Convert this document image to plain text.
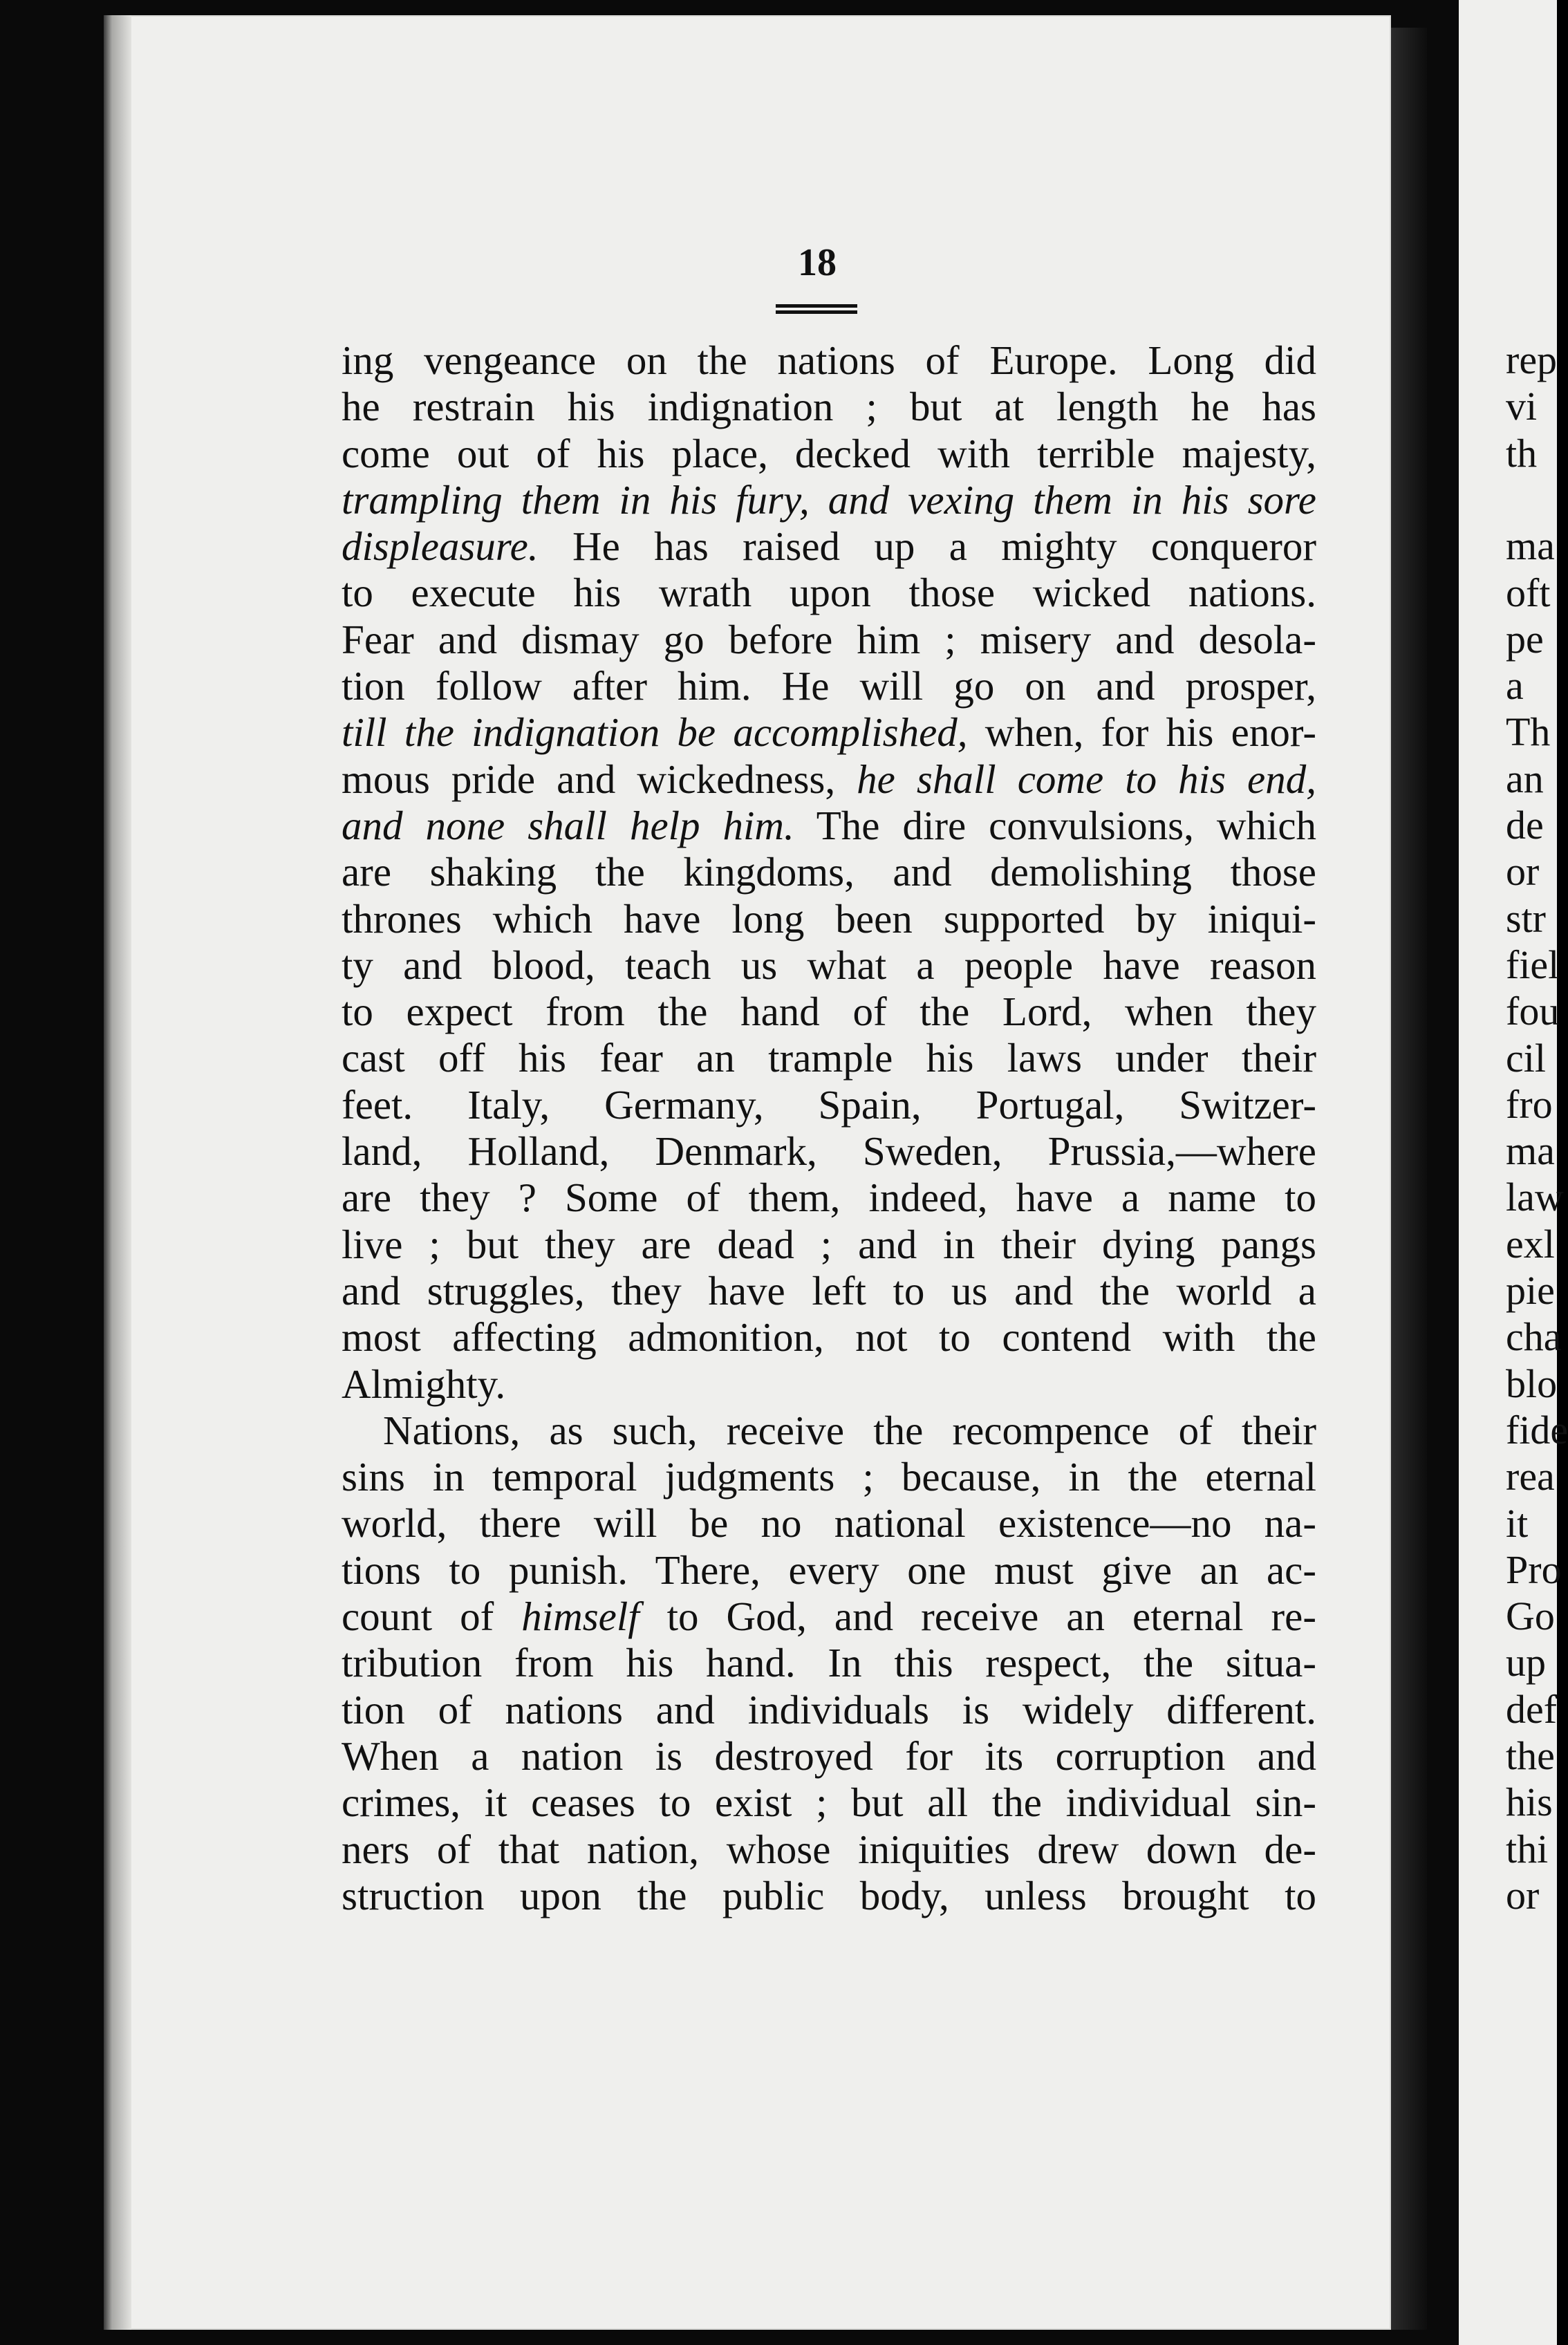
rep
vi
th
ma
oft
pe
a
Th
an
de
or
str
fiel
fou
cil
fro
ma
law
exl
pie
cha
blo
fide
rea
it
Pro
Go
up
def
the
his
thi
or
18
ing vengeance on the nations of Europe. Long did
he restrain his indignation ; but at length he has
come out of his place, decked with terrible majesty,
trampling them in his fury, and vexing them in his sore
displeasure. He has raised up a mighty conqueror
to execute his wrath upon those wicked nations.
Fear and dismay go before him ; misery and desola-
tion follow after him. He will go on and prosper,
till the indignation be accomplished, when, for his enor-
mous pride and wickedness, he shall come to his end,
and none shall help him. The dire convulsions, which
are shaking the kingdoms, and demolishing those
thrones which have long been supported by iniqui-
ty and blood, teach us what a people have reason
to expect from the hand of the Lord, when they
cast off his fear an trample his laws under their
feet. Italy, Germany, Spain, Portugal, Switzer-
land, Holland, Denmark, Sweden, Prussia,—where
are they ? Some of them, indeed, have a name to
live ; but they are dead ; and in their dying pangs
and struggles, they have left to us and the world a
most affecting admonition, not to contend with the
Almighty.
Nations, as such, receive the recompence of their
sins in temporal judgments ; because, in the eternal
world, there will be no national existence—no na-
tions to punish. There, every one must give an ac-
count of himself to God, and receive an eternal re-
tribution from his hand. In this respect, the situa-
tion of nations and individuals is widely different.
When a nation is destroyed for its corruption and
crimes, it ceases to exist ; but all the individual sin-
ners of that nation, whose iniquities drew down de-
struction upon the public body, unless brought to
